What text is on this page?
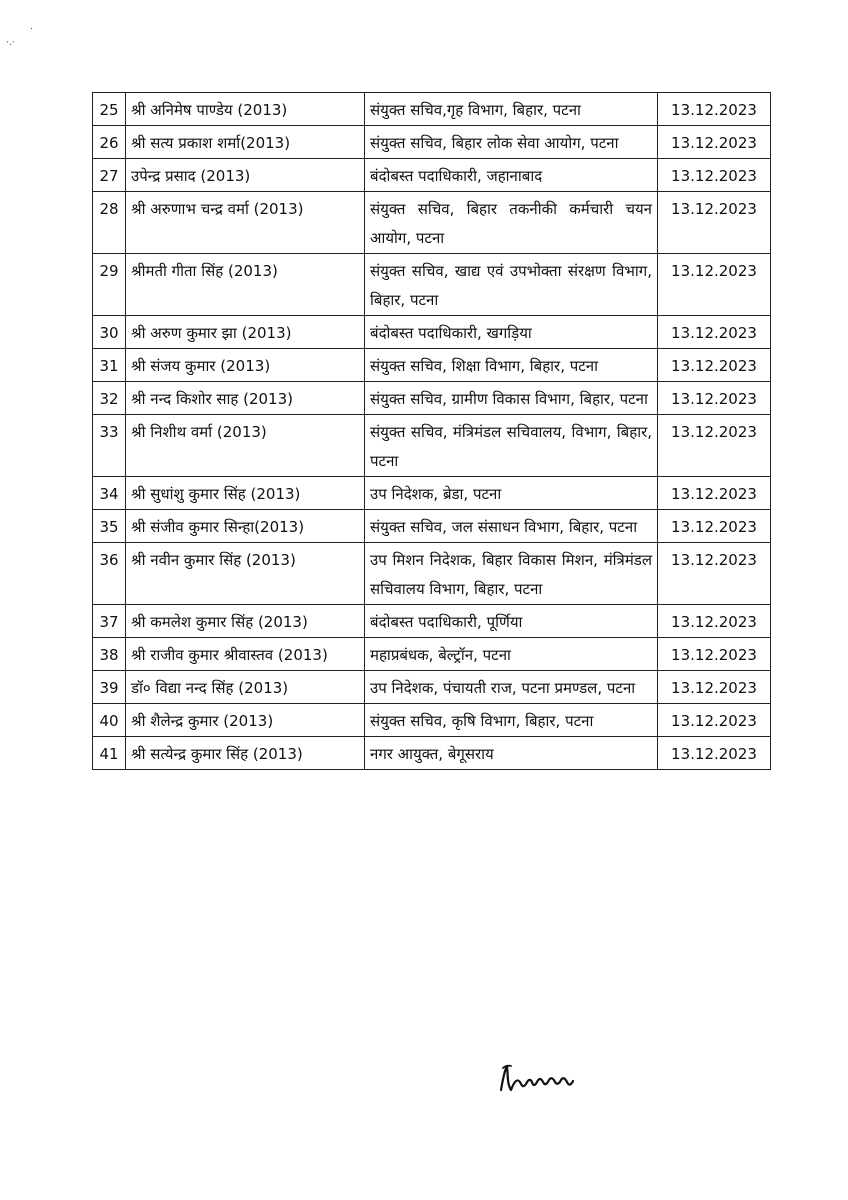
·.·
.
25	श्री अनिमेष पाण्डेय (2013)	संयुक्त सचिव,गृह विभाग, बिहार, पटना	13.12.2023
26	श्री सत्य प्रकाश शर्मा(2013)	संयुक्त सचिव, बिहार लोक सेवा आयोग, पटना	13.12.2023
27	उपेन्द्र प्रसाद (2013)	बंदोबस्त पदाधिकारी, जहानाबाद	13.12.2023
28	श्री अरुणाभ चन्द्र वर्मा (2013)	संयुक्त सचिव, बिहार तकनीकी कर्मचारी चयन आयोग, पटना	13.12.2023
29	श्रीमती गीता सिंह (2013)	संयुक्त सचिव, खाद्य एवं उपभोक्ता संरक्षण विभाग, बिहार, पटना	13.12.2023
30	श्री अरुण कुमार झा (2013)	बंदोबस्त पदाधिकारी, खगड़िया	13.12.2023
31	श्री संजय कुमार (2013)	संयुक्त सचिव, शिक्षा विभाग, बिहार, पटना	13.12.2023
32	श्री नन्द किशोर साह (2013)	संयुक्त सचिव, ग्रामीण विकास विभाग, बिहार, पटना	13.12.2023
33	श्री निशीथ वर्मा (2013)	संयुक्त सचिव, मंत्रिमंडल सचिवालय, विभाग, बिहार, पटना	13.12.2023
34	श्री सुधांशु कुमार सिंह (2013)	उप निदेशक, ब्रेडा, पटना	13.12.2023
35	श्री संजीव कुमार सिन्हा(2013)	संयुक्त सचिव, जल संसाधन विभाग, बिहार, पटना	13.12.2023
36	श्री नवीन कुमार सिंह (2013)	उप मिशन निदेशक, बिहार विकास मिशन, मंत्रिमंडल सचिवालय विभाग, बिहार, पटना	13.12.2023
37	श्री कमलेश कुमार सिंह (2013)	बंदोबस्त पदाधिकारी, पूर्णिया	13.12.2023
38	श्री राजीव कुमार श्रीवास्तव (2013)	महाप्रबंधक, बेल्ट्रॉन, पटना	13.12.2023
39	डॉ० विद्या नन्द सिंह (2013)	उप निदेशक, पंचायती राज, पटना प्रमण्डल, पटना	13.12.2023
40	श्री शैलेन्द्र कुमार (2013)	संयुक्त सचिव, कृषि विभाग, बिहार, पटना	13.12.2023
41	श्री सत्येन्द्र कुमार सिंह (2013)	नगर आयुक्त, बेगूसराय	13.12.2023
